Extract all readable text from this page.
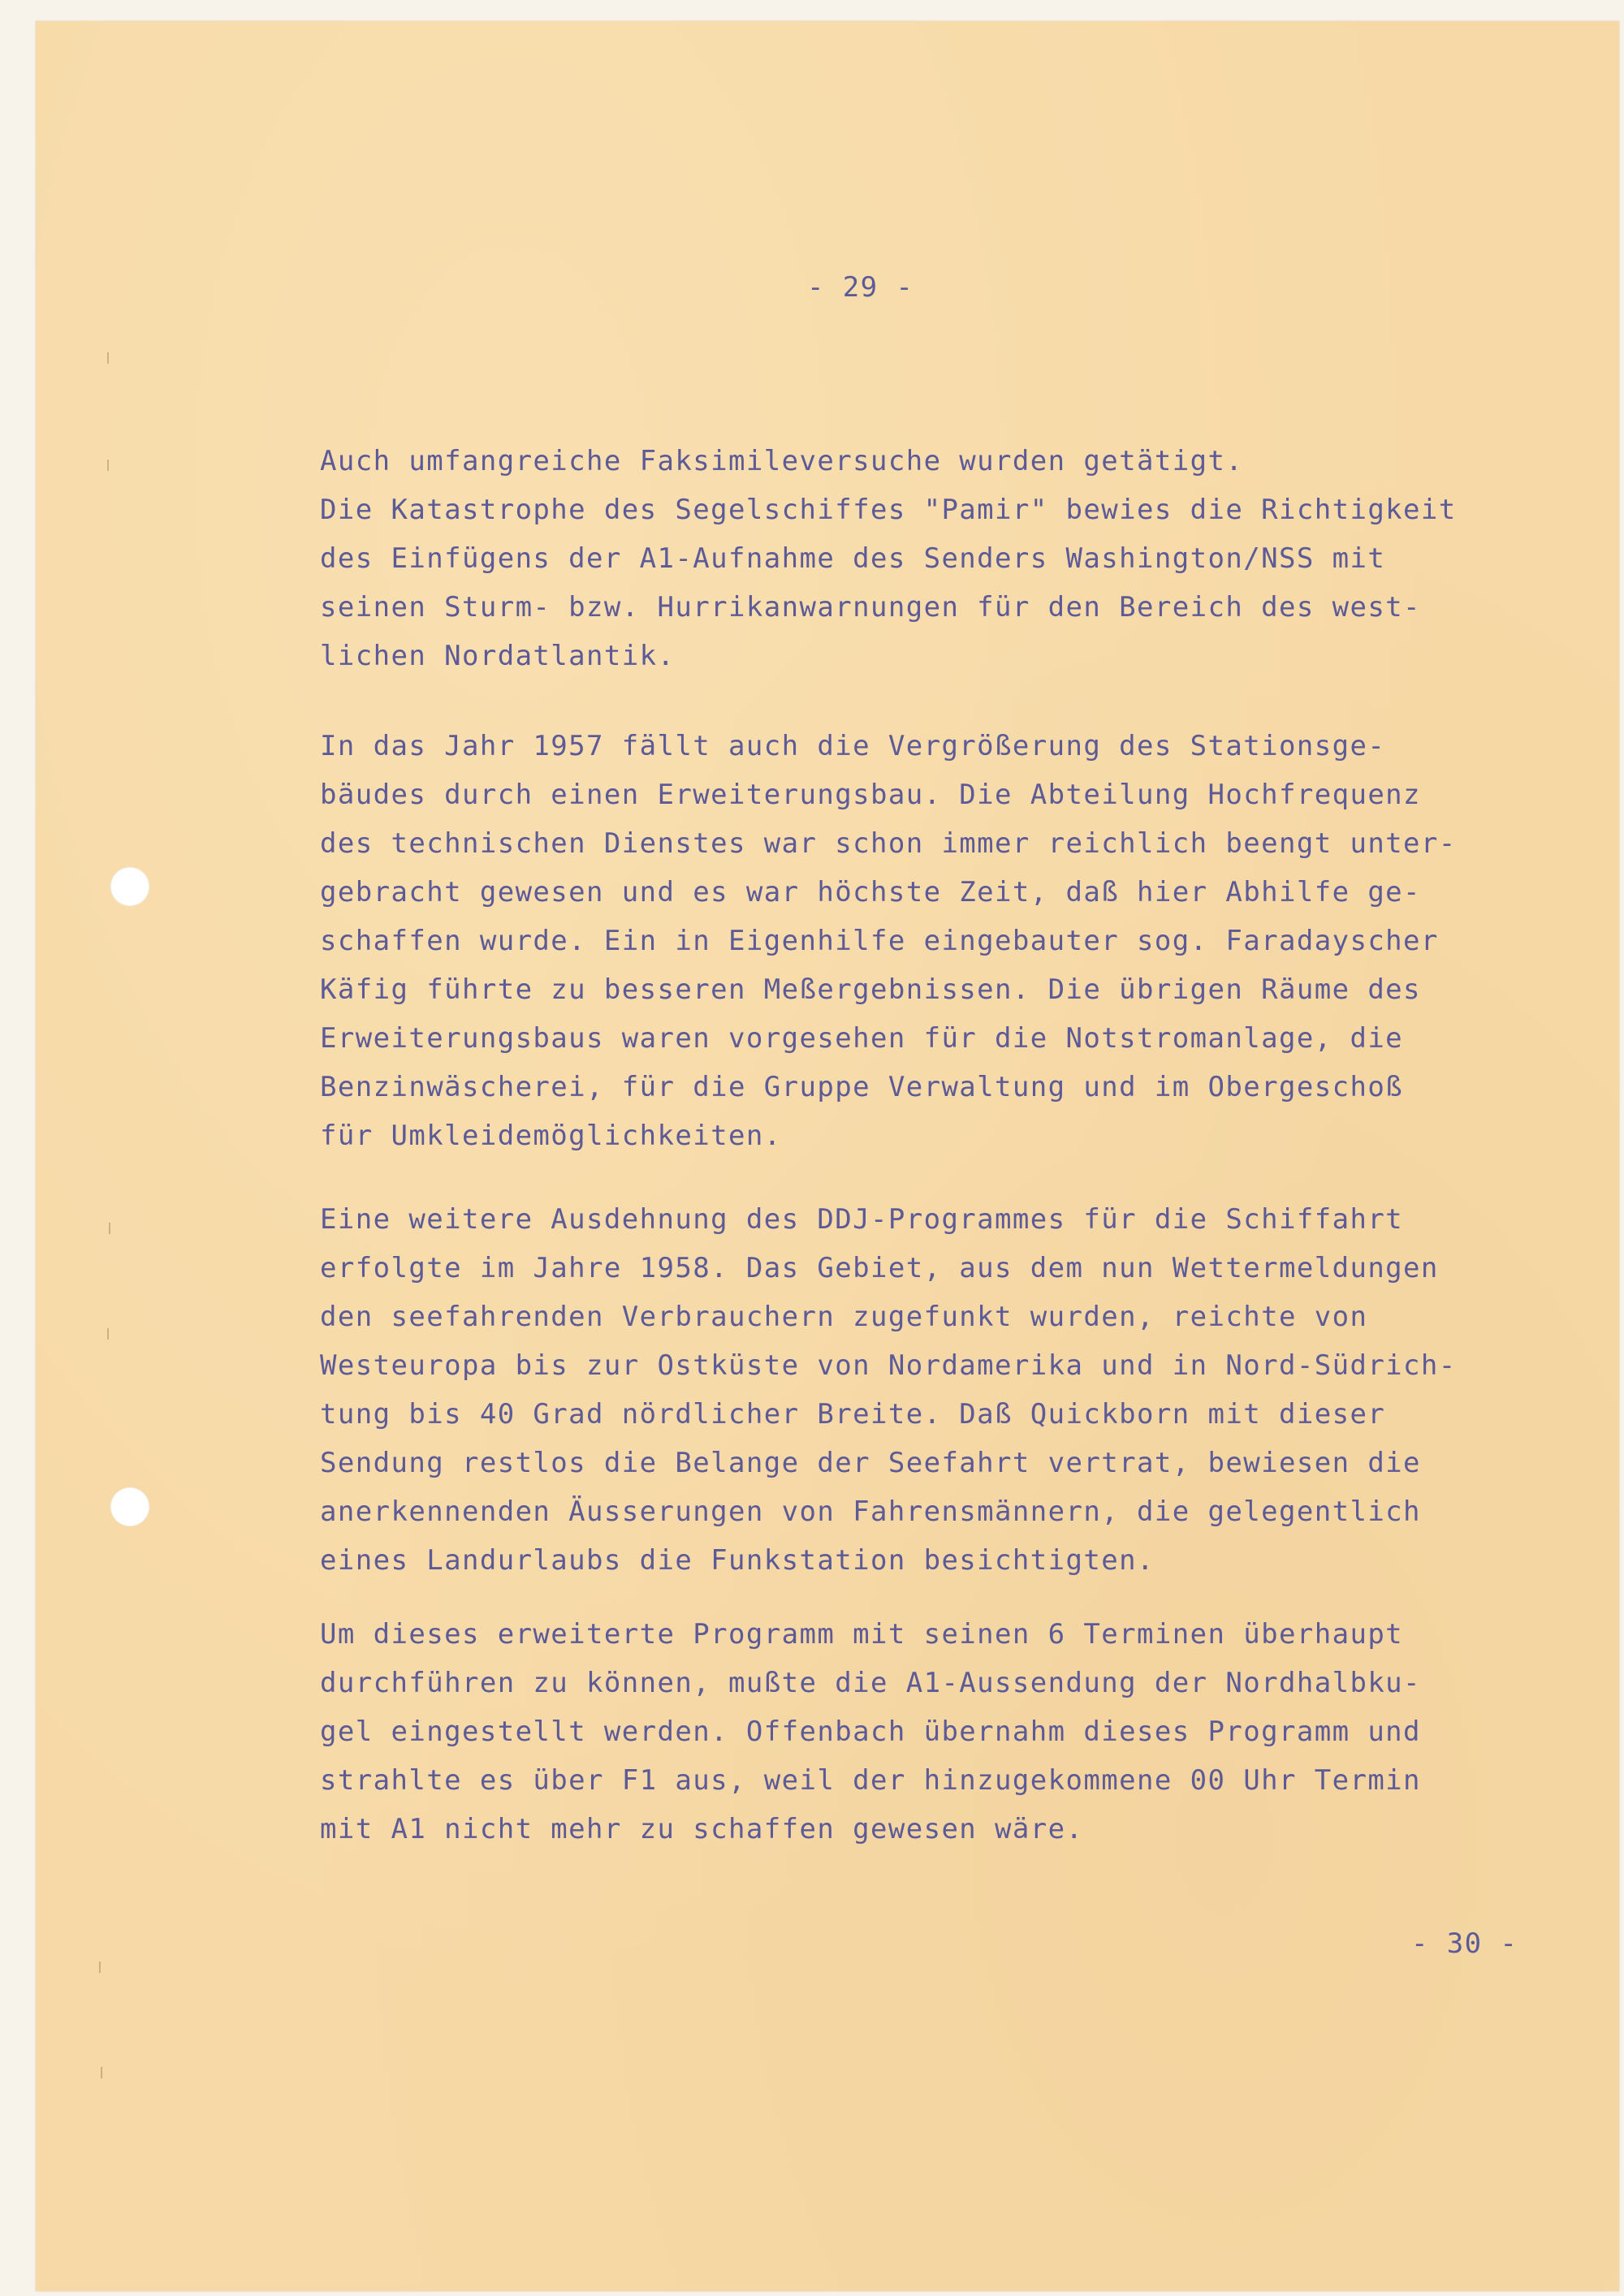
- 29 -
Auch umfangreiche Faksimileversuche wurden getätigt.
Die Katastrophe des Segelschiffes "Pamir" bewies die Richtigkeit
des Einfügens der A1-Aufnahme des Senders Washington/NSS mit
seinen Sturm- bzw. Hurrikanwarnungen für den Bereich des west-
lichen Nordatlantik.
In das Jahr 1957 fällt auch die Vergrößerung des Stationsge-
bäudes durch einen Erweiterungsbau. Die Abteilung Hochfrequenz
des technischen Dienstes war schon immer reichlich beengt unter-
gebracht gewesen und es war höchste Zeit, daß hier Abhilfe ge-
schaffen wurde. Ein in Eigenhilfe eingebauter sog. Faradayscher
Käfig führte zu besseren Meßergebnissen. Die übrigen Räume des
Erweiterungsbaus waren vorgesehen für die Notstromanlage, die
Benzinwäscherei, für die Gruppe Verwaltung und im Obergeschoß
für Umkleidemöglichkeiten.
Eine weitere Ausdehnung des DDJ-Programmes für die Schiffahrt
erfolgte im Jahre 1958. Das Gebiet, aus dem nun Wettermeldungen
den seefahrenden Verbrauchern zugefunkt wurden, reichte von
Westeuropa bis zur Ostküste von Nordamerika und in Nord-Südrich-
tung bis 40 Grad nördlicher Breite. Daß Quickborn mit dieser
Sendung restlos die Belange der Seefahrt vertrat, bewiesen die
anerkennenden Äusserungen von Fahrensmännern, die gelegentlich
eines Landurlaubs die Funkstation besichtigten.
Um dieses erweiterte Programm mit seinen 6 Terminen überhaupt
durchführen zu können, mußte die A1-Aussendung der Nordhalbku-
gel eingestellt werden. Offenbach übernahm dieses Programm und
strahlte es über F1 aus, weil der hinzugekommene 00 Uhr Termin
mit A1 nicht mehr zu schaffen gewesen wäre.
- 30 -
